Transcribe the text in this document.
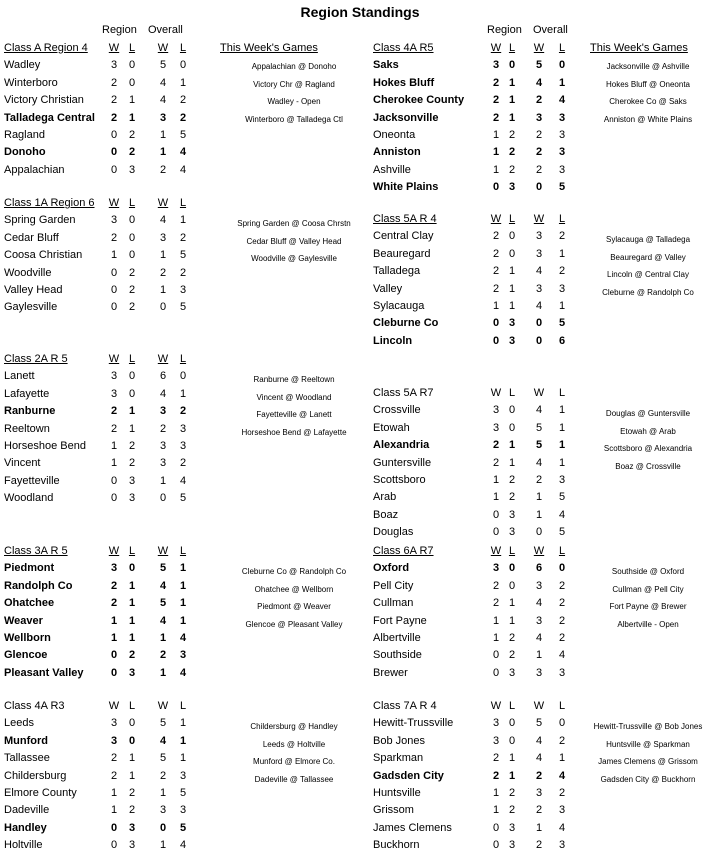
Region Standings
Region Overall	Region Overall
Class A Region 4 W L W L	This Week's Games
Wadley	3 0 5 0
Winterboro	2 0 4 1
Victory Christian 2 1 4 2
Talladega Central 2 1 3 2
Ragland	0 2 1 5
Donoho	0 2 1 4
Appalachian	0 3 2 4
Appalachian @ Donoho
Victory Chr @ Ragland
Wadley - Open
Winterboro @ Talladega Ctl
Class 1A Region 6 W L W L
Spring Garden	3 0 4 1
Cedar Bluff	2 0 3 2
Coosa Christian	1 0 1 5
Woodville	0 2 2 2
Valley Head	0 2 1 3
Gaylesville	0 2 0 5
Spring Garden @ Coosa Chrstn
Cedar Bluff @ Valley Head
Woodville @ Gaylesville
Class 2A R 5	W L W L
Lanett	3 0 6 0
Lafayette	3 0 4 1
Ranburne	2 1 3 2
Reeltown	2 1 2 3
Horseshoe Bend 1 2 3 3
Vincent	1 2 3 2
Fayetteville	0 3 1 4
Woodland	0 3 0 5
Ranburne @ Reeltown
Vincent @ Woodland
Fayetteville @ Lanett
Horseshoe Bend @ Lafayette
Class 3A R 5	W L W L
Piedmont	3 0 5 1
Randolph Co	2 1 4 1
Ohatchee	2 1 5 1
Weaver	1 1 4 1
Wellborn	1 1 1 4
Glencoe	0 2 2 3
Pleasant Valley 0 3 1 4
Cleburne Co @ Randolph Co
Ohatchee @ Wellborn
Piedmont @ Weaver
Glencoe @ Pleasant Valley
Class 4A R3	W L W L
Leeds	3 0 5 1
Munford	3 0 4 1
Tallassee	2 1 5 1
Childersburg	2 1 2 3
Elmore County	1 2 1 5
Dadeville	1 2 3 3
Handley	0 3 0 5
Holtville	0 3 1 4
Childersburg @ Handley
Leeds @ Holtville
Munford @ Elmore Co.
Dadeville @ Tallassee
Class 4A R5	W L W L This Week's Games
Saks	3 0 5 0
Hokes Bluff	2 1 4 1
Cherokee County	2 1 2 4
Jacksonville	2 1 3 3
Oneonta	1 2 2 3
Anniston	1 2 2 3
Ashville	1 2 2 3
White Plains	0 3 0 5
Jacksonville @ Ashville
Hokes Bluff @ Oneonta
Cherokee Co @ Saks
Anniston @ White Plains
Class 5A R 4	W L W L
Central Clay	2 0 3 2
Beauregard	2 0 3 1
Talladega	2 1 4 2
Valley	2 1 3 3
Sylacauga	1 1 4 1
Cleburne Co	0 3 0 5
Lincoln	0 3 0 6
Sylacauga @ Talladega
Beauregard @ Valley
Lincoln @ Central Clay
Cleburne @ Randolph Co
Class 5A R7	W L W L
Crossville	3 0 4 1
Etowah	3 0 5 1
Alexandria	2 1 5 1
Guntersville	2 1 4 1
Scottsboro	1 2 2 3
Arab	1 2 1 5
Boaz	0 3 1 4
Douglas	0 3 0 5
Douglas @ Guntersville
Etowah @ Arab
Scottsboro @ Alexandria
Boaz @ Crossville
Class 6A R7	W L W L
Oxford	3 0 6 0
Pell City	2 0 3 2
Cullman	2 1 4 2
Fort Payne	1 1 3 2
Albertville	1 2 4 2
Southside	0 2 1 4
Brewer	0 3 3 3
Southside @ Oxford
Cullman @ Pell City
Fort Payne @ Brewer
Albertville - Open
Class 7A R 4	W L W L
Hewitt-Trussville	3 0 5 0
Bob Jones	3 0 4 2
Sparkman	2 1 4 1
Gadsden City	2 1 2 4
Huntsville	1 2 3 2
Grissom	1 2 2 3
James Clemens	0 3 1 4
Buckhorn	0 3 2 3
Hewitt-Trussville @ Bob Jones
Huntsville @ Sparkman
James Clemens @ Grissom
Gadsden City @ Buckhorn
